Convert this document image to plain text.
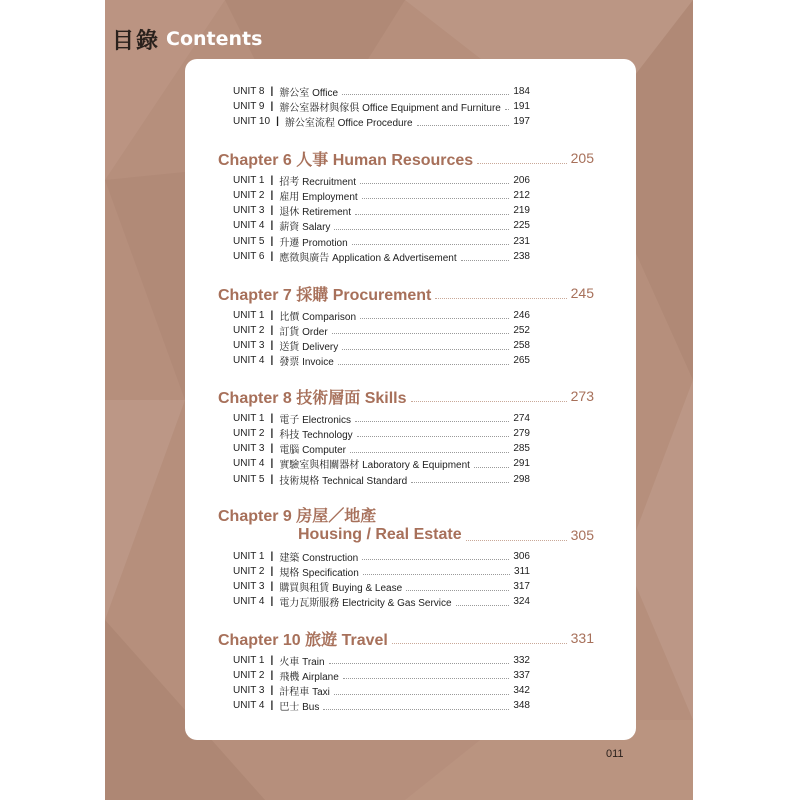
目錄 Contents
UNIT 8 | 辦公室 Office	184
UNIT 9 | 辦公室器材與傢俱 Office Equipment and Furniture 191
UNIT 10 | 辦公室流程 Office Procedure	197
Chapter 6 人事 Human Resources	205
UNIT 1 | 招考 Recruitment	206
UNIT 2 | 雇用 Employment	212
UNIT 3 | 退休 Retirement	219
UNIT 4 | 薪資 Salary	225
UNIT 5 | 升遷 Promotion	231
UNIT 6 | 應徵與廣告 Application & Advertisement	238
Chapter 7 採購 Procurement	245
UNIT 1 | 比價 Comparison	246
UNIT 2 | 訂貨 Order	252
UNIT 3 | 送貨 Delivery	258
UNIT 4 | 發票 Invoice	265
Chapter 8 技術層面 Skills	273
UNIT 1 | 電子 Electronics	274
UNIT 2 | 科技 Technology	279
UNIT 3 | 電腦 Computer	285
UNIT 4 | 實驗室與相關器材 Laboratory & Equipment	291
UNIT 5 | 技術規格 Technical Standard	298
Chapter 9 房屋／地產
Housing / Real Estate	305
UNIT 1 | 建築 Construction	306
UNIT 2 | 規格 Specification	311
UNIT 3 | 購買與租賃 Buying & Lease	317
UNIT 4 | 電力瓦斯服務 Electricity & Gas Service	324
Chapter 10 旅遊 Travel	331
UNIT 1 | 火車 Train	332
UNIT 2 | 飛機 Airplane	337
UNIT 3 | 計程車 Taxi	342
UNIT 4 | 巴士 Bus	348
011
